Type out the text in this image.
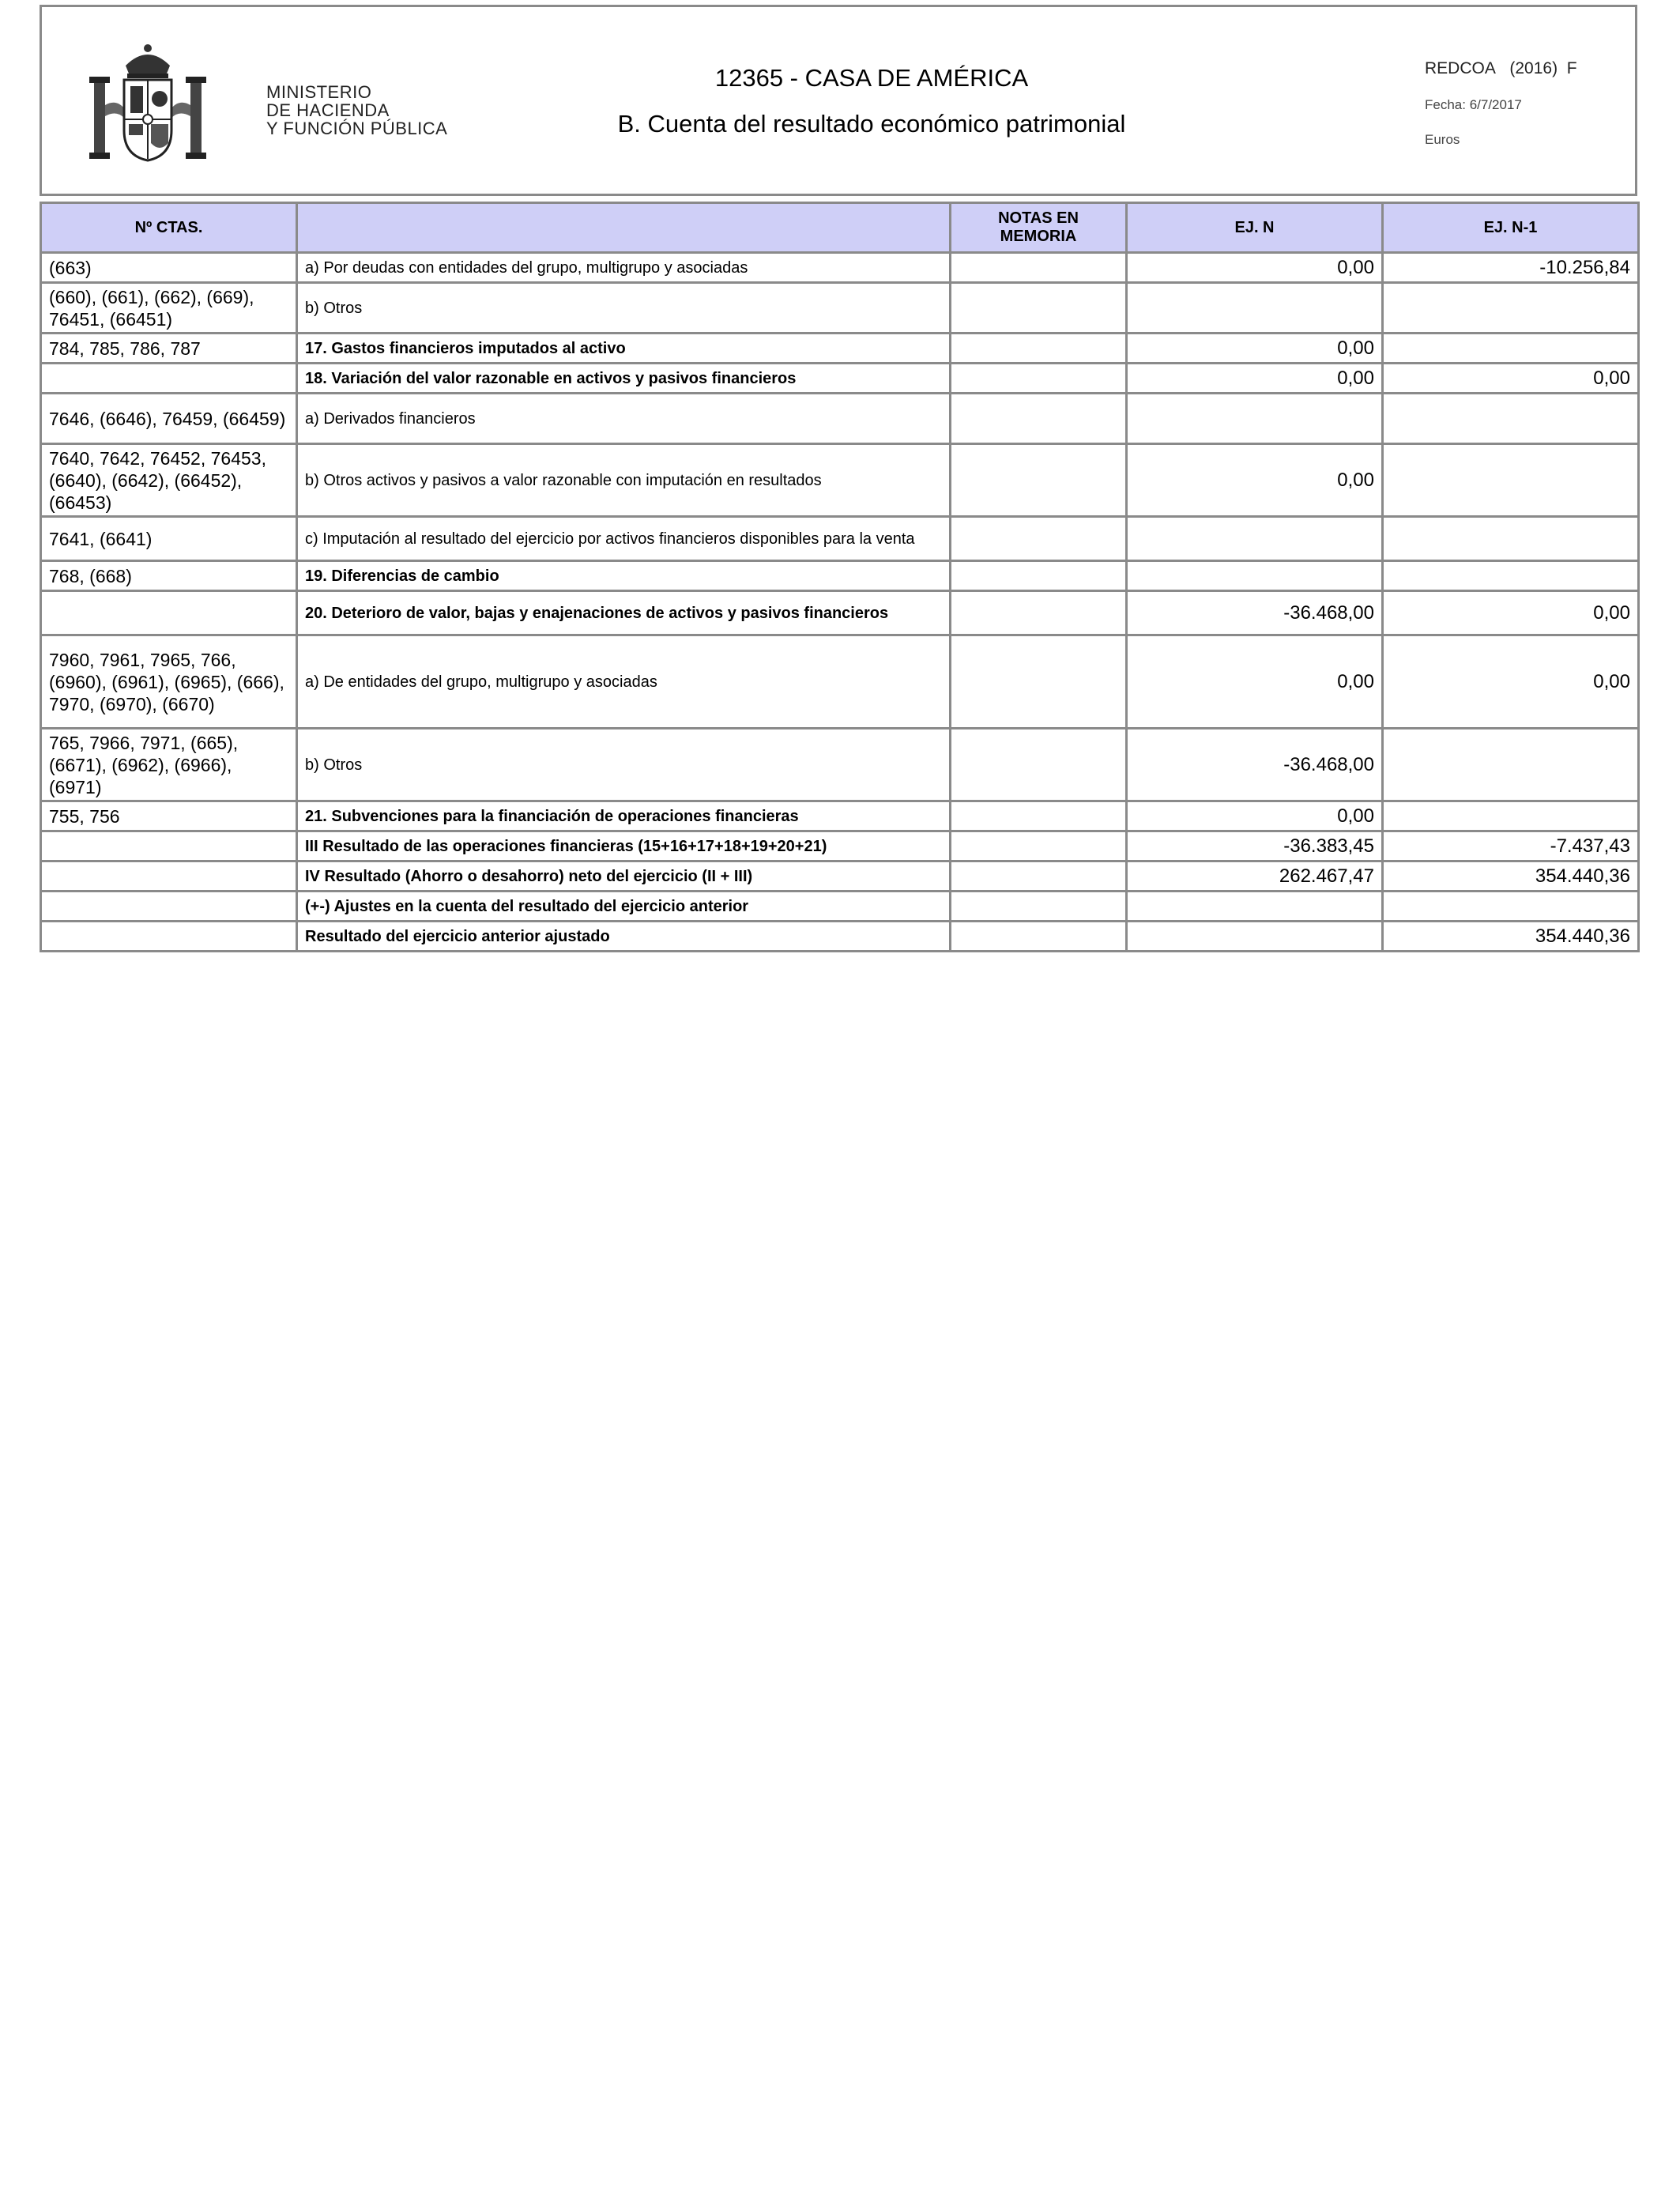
MINISTERIO
DE HACIENDA
Y FUNCIÓN PÚBLICA
12365 - CASA DE AMÉRICA
B. Cuenta del resultado económico patrimonial
REDCOA (2016) F
Fecha: 6/7/2017
Euros
Nº CTAS.		NOTAS EN MEMORIA	EJ. N	EJ. N-1
(663)	a) Por deudas con entidades del grupo, multigrupo y asociadas		0,00	-10.256,84
(660), (661), (662), (669), 76451, (66451)	b) Otros			
784, 785, 786, 787	17. Gastos financieros imputados al activo		0,00	
	18. Variación del valor razonable en activos y pasivos financieros		0,00	0,00
7646, (6646), 76459, (66459)	a) Derivados financieros			
7640, 7642, 76452, 76453, (6640), (6642), (66452), (66453)	b) Otros activos y pasivos a valor razonable con imputación en resultados		0,00	
7641, (6641)	c) Imputación al resultado del ejercicio por activos financieros disponibles para la venta			
768, (668)	19. Diferencias de cambio			
	20. Deterioro de valor, bajas y enajenaciones de activos y pasivos financieros		-36.468,00	0,00
7960, 7961, 7965, 766, (6960), (6961), (6965), (666), 7970, (6970), (6670)	a) De entidades del grupo, multigrupo y asociadas		0,00	0,00
765, 7966, 7971, (665), (6671), (6962), (6966), (6971)	b) Otros		-36.468,00	
755, 756	21. Subvenciones para la financiación de operaciones financieras		0,00	
	III Resultado de las operaciones financieras (15+16+17+18+19+20+21)		-36.383,45	-7.437,43
	IV Resultado (Ahorro o desahorro) neto del ejercicio (II + III)		262.467,47	354.440,36
	(+-) Ajustes en la cuenta del resultado del ejercicio anterior			
	Resultado del ejercicio anterior ajustado			354.440,36
